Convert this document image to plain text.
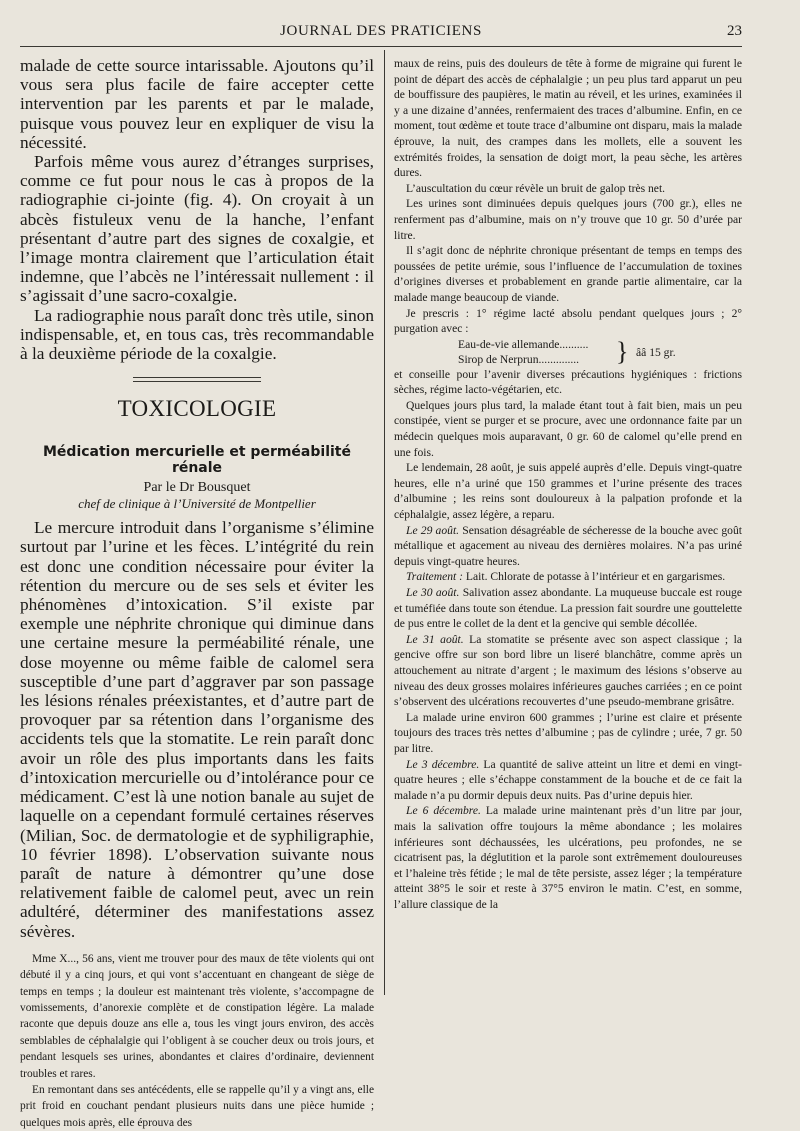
JOURNAL DES PRATICIENS	23

malade de cette source intarissable. Ajoutons qu’il vous sera plus facile de faire accepter cette intervention par les parents et par le malade, puisque vous pouvez leur en expliquer de visu la nécessité.

Parfois même vous aurez d’étranges surprises, comme ce fut pour nous le cas à propos de la radiographie ci-jointe (fig. 4). On croyait à un abcès fistuleux venu de la hanche, l’enfant présentant d’autre part des signes de coxalgie, et l’image montra clairement que l’articulation était indemne, que l’abcès ne l’intéressait nullement : il s’agissait d’une sacro-coxalgie.

La radiographie nous paraît donc très utile, sinon indispensable, et, en tous cas, très recommandable à la deuxième période de la coxalgie.

TOXICOLOGIE
Médication mercurielle et perméabilité rénale
Par le Dr Bousquet
chef de clinique à l’Université de Montpellier

Le mercure introduit dans l’organisme s’élimine surtout par l’urine et les fèces. L’intégrité du rein est donc une condition nécessaire pour éviter la rétention du mercure ou de ses sels et éviter les phénomènes d’intoxication. S’il existe par exemple une néphrite chronique qui diminue dans une certaine mesure la perméabilité rénale, une dose moyenne ou même faible de calomel sera susceptible d’une part d’aggraver par son passage les lésions rénales préexistantes, et d’autre part de provoquer par sa rétention dans l’organisme des accidents tels que la stomatite. Le rein paraît donc avoir un rôle des plus importants dans les faits d’intoxication mercurielle ou d’intolérance pour ce médicament. C’est là une notion banale au sujet de laquelle on a cependant formulé certaines réserves (Milian, Soc. de dermatologie et de syphiligraphie, 10 février 1898). L’observation suivante nous paraît de nature à démontrer qu’une dose relativement faible de calomel peut, avec un rein adultéré, déterminer des manifestations assez sévères.

Mme X..., 56 ans, vient me trouver pour des maux de tête violents qui ont débuté il y a cinq jours, et qui vont s’accentuant en changeant de siège de temps en temps ; la douleur est maintenant très violente, s’accompagne de vomissements, d’anorexie complète et de constipation légère. La malade raconte que depuis douze ans elle a, tous les vingt jours environ, des accès semblables de céphalalgie qui l’obligent à se coucher deux ou trois jours, et pendant lesquels ses urines, abondantes et claires d’ordinaire, deviennent troubles et rares.

En remontant dans ses antécédents, elle se rappelle qu’il y a vingt ans, elle prit froid en couchant pendant plusieurs nuits dans une pièce humide ; quelques mois après, elle éprouva des

maux de reins, puis des douleurs de tête à forme de migraine qui furent le point de départ des accès de céphalalgie ; un peu plus tard apparut un peu de bouffissure des paupières, le matin au réveil, et les urines, examinées il y a une dizaine d’années, renfermaient des traces d’albumine. Enfin, en ce moment, tout œdème et toute trace d’albumine ont disparu, mais la malade éprouve, la nuit, des crampes dans les mollets, elle a souvent les extrémités froides, la sensation de doigt mort, la peau sèche, les artères dures.

L’auscultation du cœur révèle un bruit de galop très net.

Les urines sont diminuées depuis quelques jours (700 gr.), elles ne renferment pas d’albumine, mais on n’y trouve que 10 gr. 50 d’urée par litre.

Il s’agit donc de néphrite chronique présentant de temps en temps des poussées de petite urémie, sous l’influence de l’accumulation de toxines d’origines diverses et probablement en grande partie alimentaire, car la malade mange beaucoup de viande.

Je prescris : 1° régime lacté absolu pendant quelques jours ; 2° purgation avec :

Eau-de-vie allemande..........
Sirop de Nerprun..............	} ââ 15 gr.

et conseille pour l’avenir diverses précautions hygiéniques : frictions sèches, régime lacto-végétarien, etc.

Quelques jours plus tard, la malade étant tout à fait bien, mais un peu constipée, vient se purger et se procure, avec une ordonnance faite par un médecin quelques mois auparavant, 0 gr. 60 de calomel qu’elle prend en une fois.

Le lendemain, 28 août, je suis appelé auprès d’elle. Depuis vingt-quatre heures, elle n’a uriné que 150 grammes et l’urine présente des traces d’albumine ; les reins sont douloureux à la palpation profonde et la céphalalgie, assez légère, a reparu.

Le 29 août. Sensation désagréable de sécheresse de la bouche avec goût métallique et agacement au niveau des dernières molaires. N’a pas uriné depuis vingt-quatre heures.

Traitement : Lait. Chlorate de potasse à l’intérieur et en gargarismes.

Le 30 août. Salivation assez abondante. La muqueuse buccale est rouge et tuméfiée dans toute son étendue. La pression fait sourdre une gouttelette de pus entre le collet de la dent et la gencive qui semble décollée.

Le 31 août. La stomatite se présente avec son aspect classique ; la gencive offre sur son bord libre un liseré blanchâtre, comme après un attouchement au nitrate d’argent ; le maximum des lésions s’observe au niveau des deux grosses molaires inférieures gauches carriées ; en ce point s’observent des ulcérations recouvertes d’une pseudo-membrane grisâtre.

La malade urine environ 600 grammes ; l’urine est claire et présente toujours des traces très nettes d’albumine ; pas de cylindre ; urée, 7 gr. 50 par litre.

Le 3 décembre. La quantité de salive atteint un litre et demi en vingt-quatre heures ; elle s’échappe constamment de la bouche et de ce fait la malade n’a pu dormir depuis deux nuits. Pas d’urine depuis hier.

Le 6 décembre. La malade urine maintenant près d’un litre par jour, mais la salivation offre toujours la même abondance ; les molaires inférieures sont déchaussées, les ulcérations, peu profondes, ne se cicatrisent pas, la déglutition et la parole sont extrêmement douloureuses et l’haleine très fétide ; le mal de tête persiste, assez léger ; la température atteint 38°5 le soir et reste à 37°5 environ le matin. C’est, en somme, l’allure classique de la
